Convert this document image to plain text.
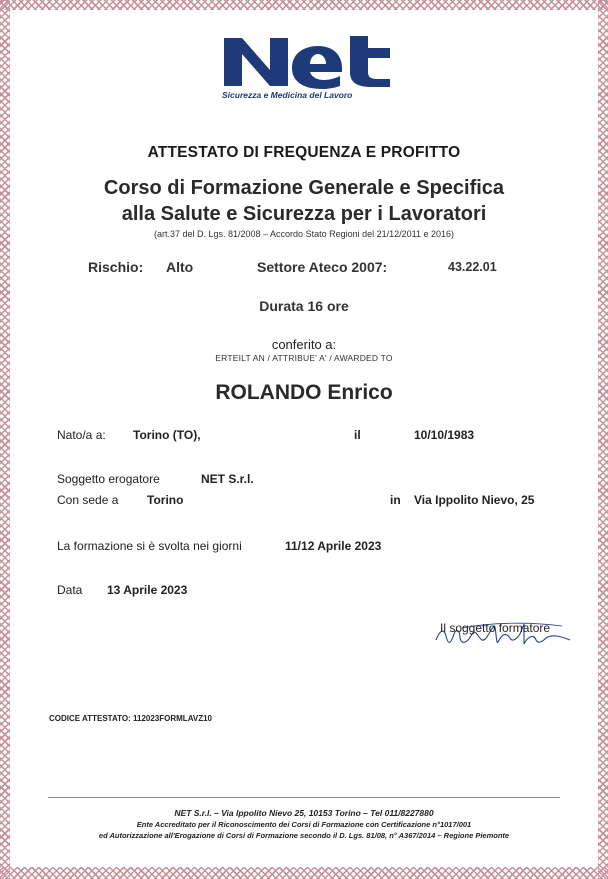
Sicurezza e Medicina del Lavoro
ATTESTATO DI FREQUENZA E PROFITTO
Corso di Formazione Generale e Specifica
alla Salute e Sicurezza per i Lavoratori
(art.37 del D. Lgs. 81/2008 – Accordo Stato Regioni del 21/12/2011 e 2016)
Rischio: Alto	Settore Ateco 2007:	43.22.01
Durata 16 ore
conferito a:
ERTEILT AN / ATTRIBUE' A' / AWARDED TO
ROLANDO Enrico
Nato/a a: Torino (TO),	il	10/10/1983
Soggetto erogatore	NET S.r.l.
Con sede a Torino	in Via Ippolito Nievo, 25
La formazione si è svolta nei giorni	11/12 Aprile 2023
Data 13 Aprile 2023
Il soggetto formatore
CODICE ATTESTATO: 112023FORMLAVZ10
NET S.r.l. – Via Ippolito Nievo 25, 10153 Torino – Tel 011/8227880
Ente Accreditato per il Riconoscimento dei Corsi di Formazione con Certificazione n°1017/001
ed Autorizzazione all'Erogazione di Corsi di Formazione secondo il D. Lgs. 81/08, n° A367/2014 – Regione Piemonte
